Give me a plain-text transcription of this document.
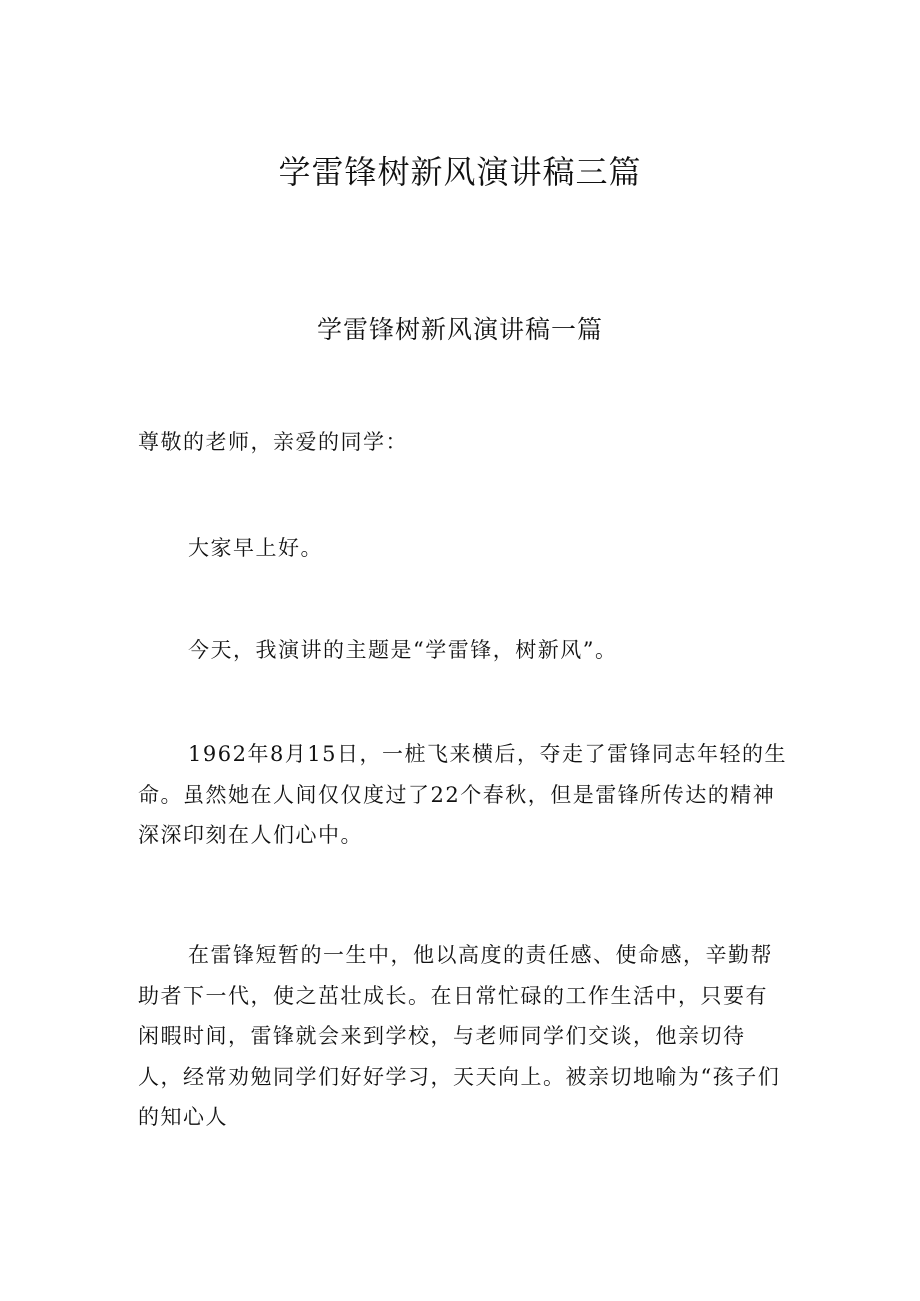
学雷锋树新风演讲稿三篇
学雷锋树新风演讲稿一篇

尊敬的老师，亲爱的同学：

大家早上好。

今天，我演讲的主题是“学雷锋，树新风”。

1962年8月15日，一桩飞来横后，夺走了雷锋同志年轻的生命。虽然她在人间仅仅度过了22个春秋，但是雷锋所传达的精神深深印刻在人们心中。

在雷锋短暂的一生中，他以高度的责任感、使命感，辛勤帮助者下一代，使之茁壮成长。在日常忙碌的工作生活中，只要有闲暇时间，雷锋就会来到学校，与老师同学们交谈，他亲切待人，经常劝勉同学们好好学习，天天向上。被亲切地喻为“孩子们的知心人
